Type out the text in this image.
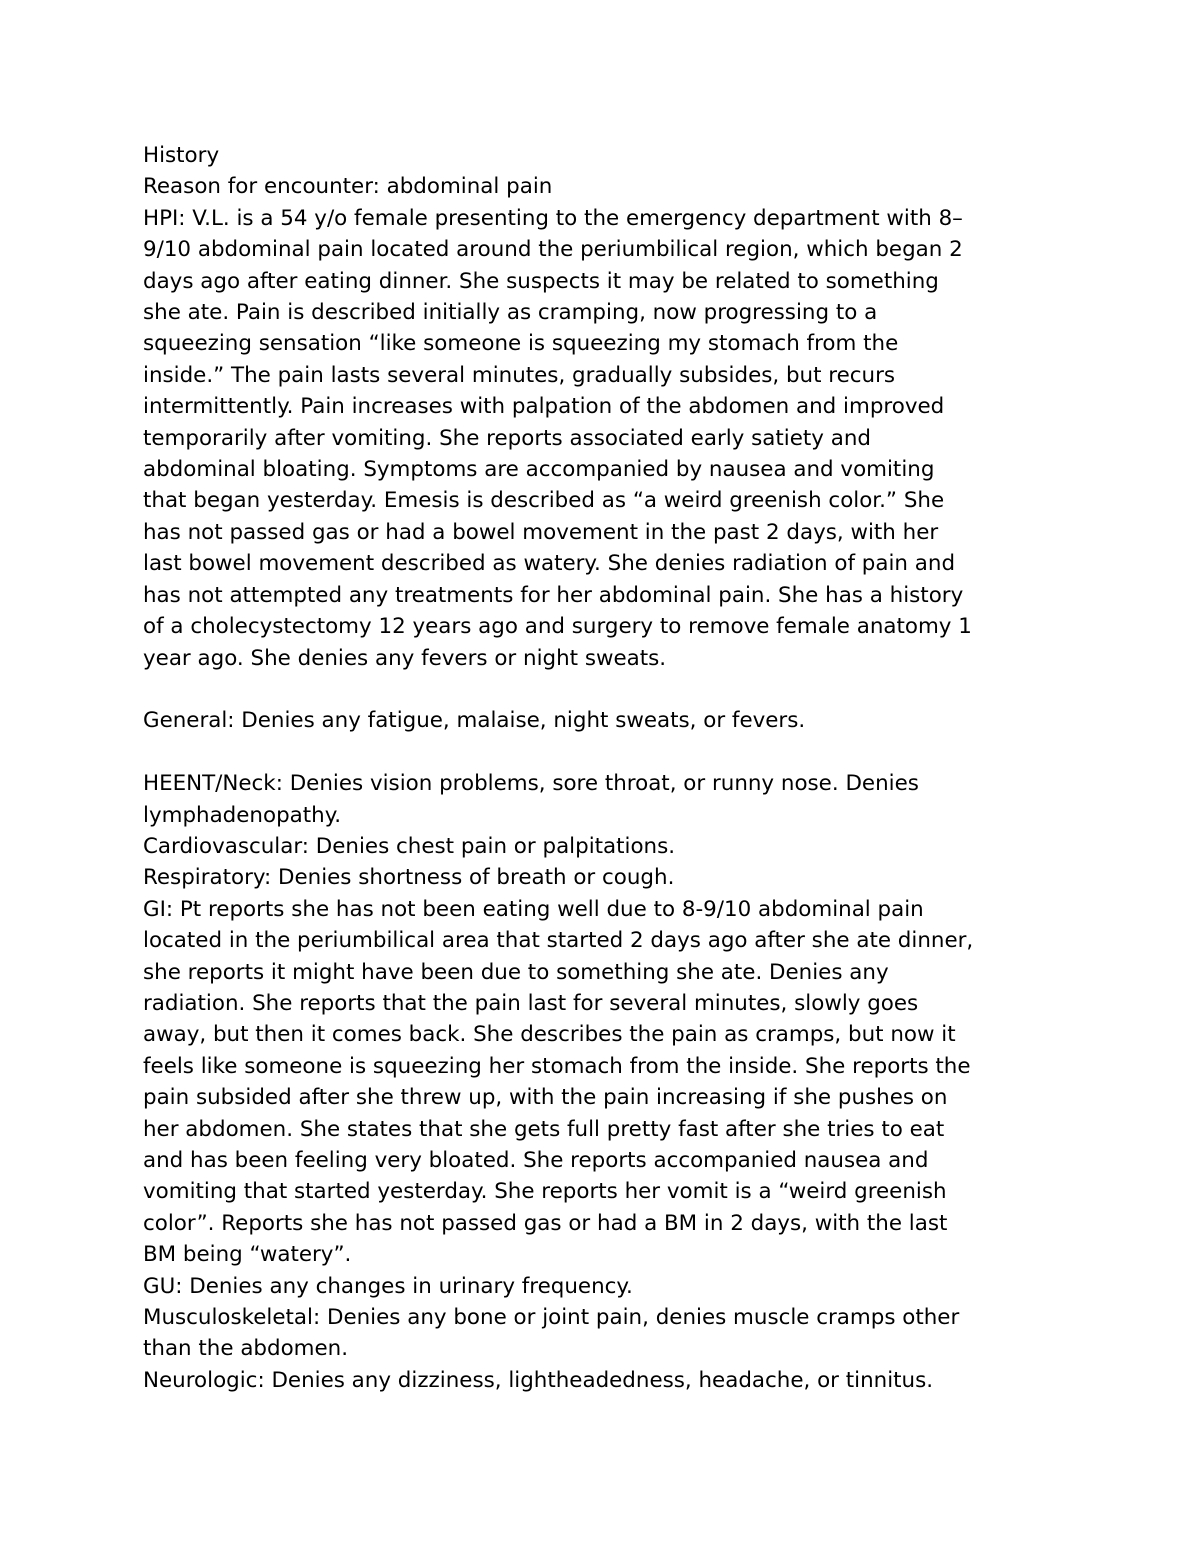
History
Reason for encounter: abdominal pain
HPI: V.L. is a 54 y/o female presenting to the emergency department with 8–
9/10 abdominal pain located around the periumbilical region, which began 2
days ago after eating dinner. She suspects it may be related to something
she ate. Pain is described initially as cramping, now progressing to a
squeezing sensation “like someone is squeezing my stomach from the
inside.” The pain lasts several minutes, gradually subsides, but recurs
intermittently. Pain increases with palpation of the abdomen and improved
temporarily after vomiting. She reports associated early satiety and
abdominal bloating. Symptoms are accompanied by nausea and vomiting
that began yesterday. Emesis is described as “a weird greenish color.” She
has not passed gas or had a bowel movement in the past 2 days, with her
last bowel movement described as watery. She denies radiation of pain and
has not attempted any treatments for her abdominal pain. She has a history
of a cholecystectomy 12 years ago and surgery to remove female anatomy 1
year ago. She denies any fevers or night sweats.
General: Denies any fatigue, malaise, night sweats, or fevers.
HEENT/Neck: Denies vision problems, sore throat, or runny nose. Denies
lymphadenopathy.
Cardiovascular: Denies chest pain or palpitations.
Respiratory: Denies shortness of breath or cough.
GI: Pt reports she has not been eating well due to 8-9/10 abdominal pain
located in the periumbilical area that started 2 days ago after she ate dinner,
she reports it might have been due to something she ate. Denies any
radiation. She reports that the pain last for several minutes, slowly goes
away, but then it comes back. She describes the pain as cramps, but now it
feels like someone is squeezing her stomach from the inside. She reports the
pain subsided after she threw up, with the pain increasing if she pushes on
her abdomen. She states that she gets full pretty fast after she tries to eat
and has been feeling very bloated. She reports accompanied nausea and
vomiting that started yesterday. She reports her vomit is a “weird greenish
color”. Reports she has not passed gas or had a BM in 2 days, with the last
BM being “watery”.
GU: Denies any changes in urinary frequency.
Musculoskeletal: Denies any bone or joint pain, denies muscle cramps other
than the abdomen.
Neurologic: Denies any dizziness, lightheadedness, headache, or tinnitus.
